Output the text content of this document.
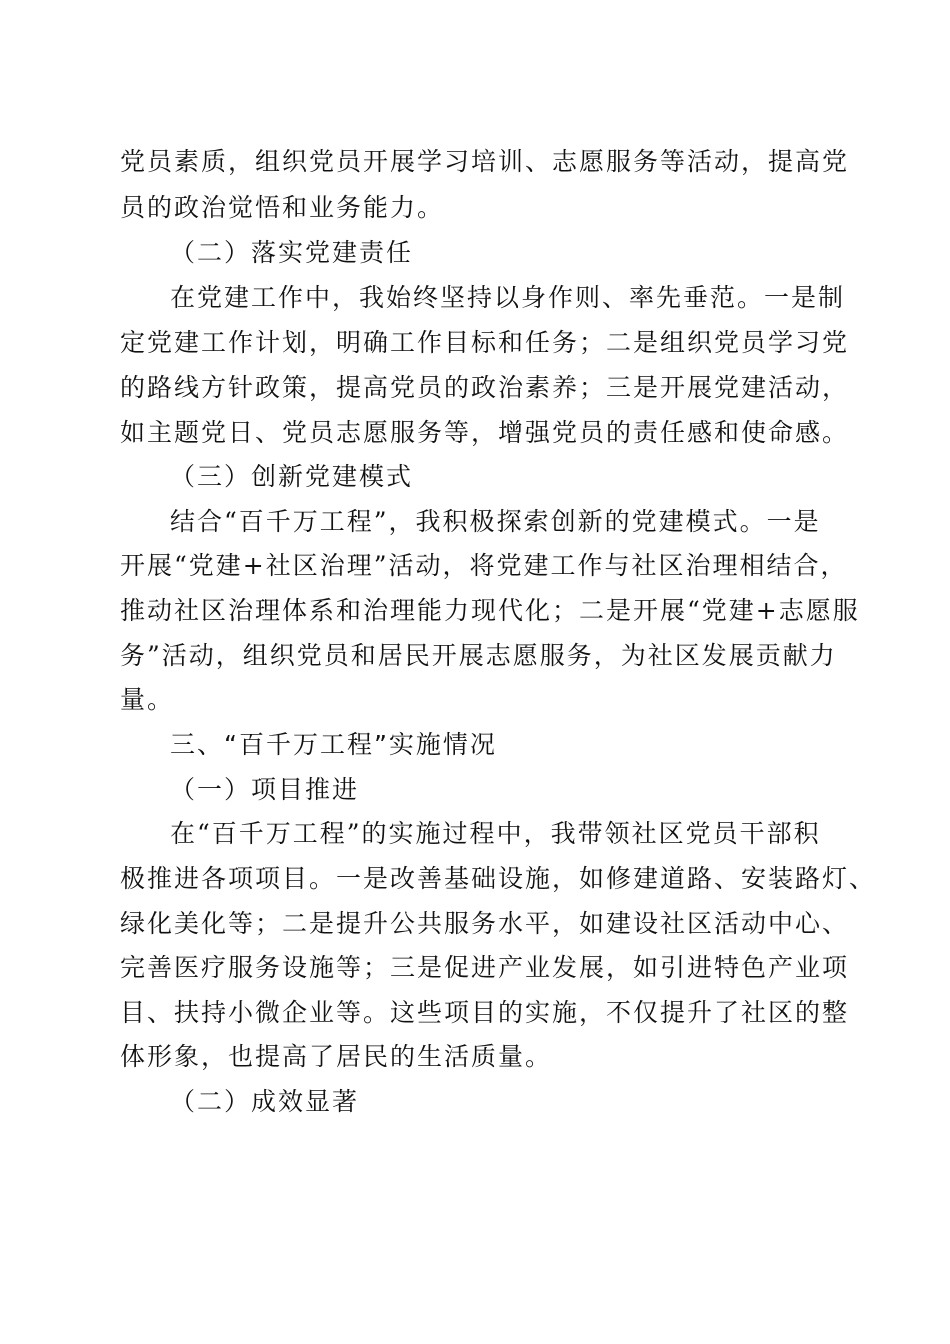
党员素质，组织党员开展学习培训、志愿服务等活动，提高党
员的政治觉悟和业务能力。
（二）落实党建责任
在党建工作中，我始终坚持以身作则、率先垂范。一是制
定党建工作计划，明确工作目标和任务；二是组织党员学习党
的路线方针政策，提高党员的政治素养；三是开展党建活动，
如主题党日、党员志愿服务等，增强党员的责任感和使命感。
（三）创新党建模式
结合“百千万工程”，我积极探索创新的党建模式。一是
开展“党建+社区治理”活动，将党建工作与社区治理相结合，
推动社区治理体系和治理能力现代化；二是开展“党建+志愿服
务”活动，组织党员和居民开展志愿服务，为社区发展贡献力
量。
三、“百千万工程”实施情况
（一）项目推进
在“百千万工程”的实施过程中，我带领社区党员干部积
极推进各项项目。一是改善基础设施，如修建道路、安装路灯、
绿化美化等；二是提升公共服务水平，如建设社区活动中心、
完善医疗服务设施等；三是促进产业发展，如引进特色产业项
目、扶持小微企业等。这些项目的实施，不仅提升了社区的整
体形象，也提高了居民的生活质量。
（二）成效显著
